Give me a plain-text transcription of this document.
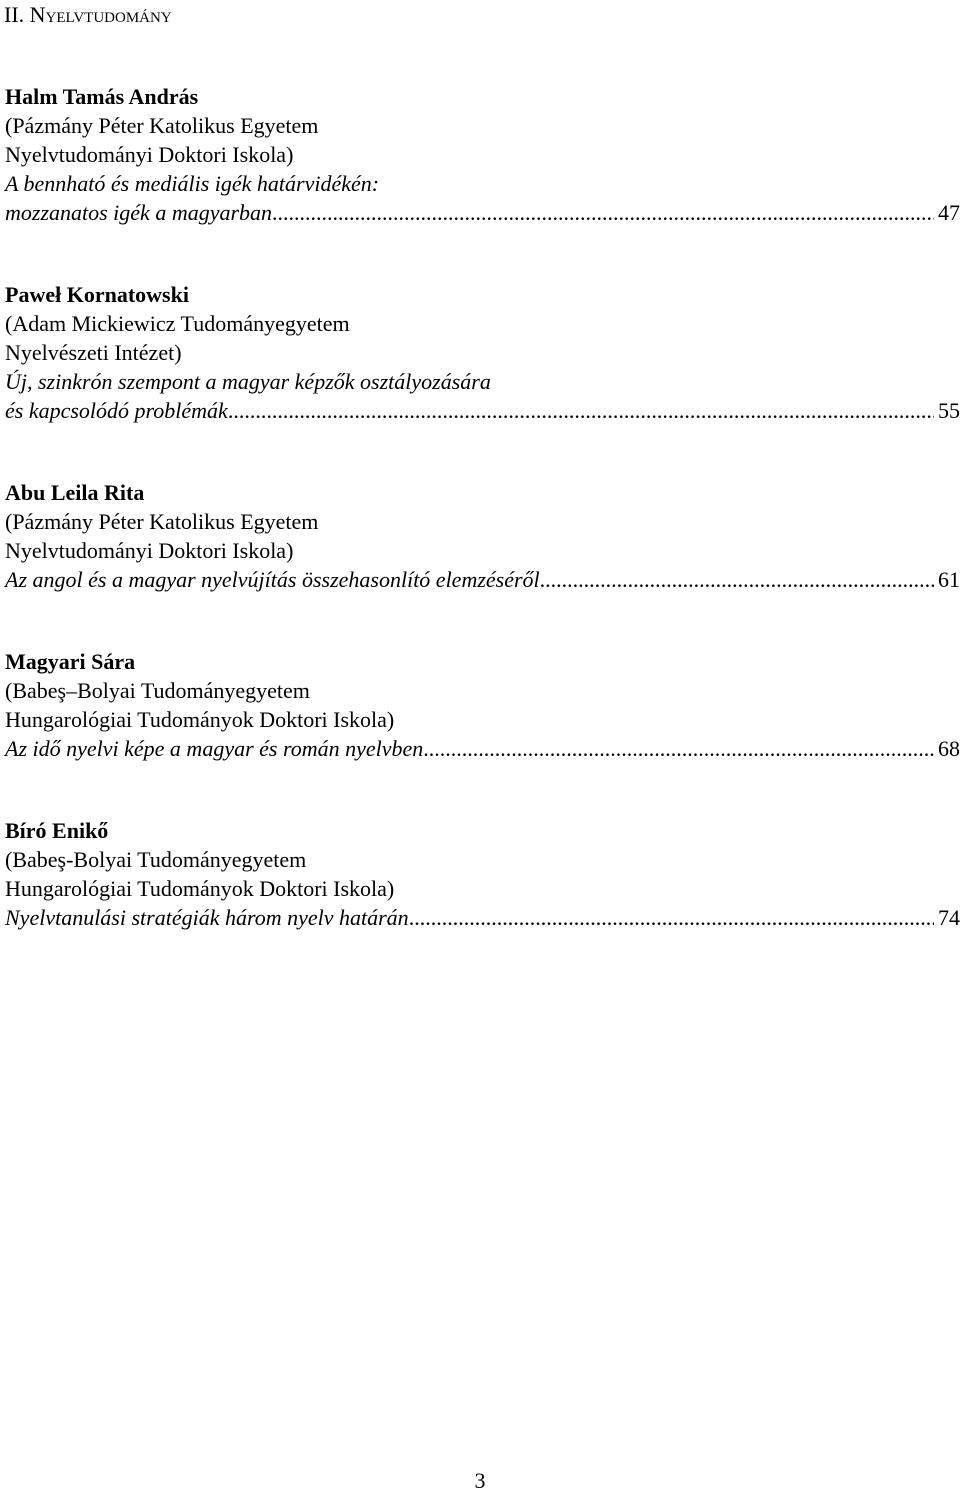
II. Nyelvtudomány
Halm Tamás András
(Pázmány Péter Katolikus Egyetem
Nyelvtudományi Doktori Iskola)
A bennható és mediális igék határvidékén:
mozzanatos igék a magyarban .....	47
Paweł Kornatowski
(Adam Mickiewicz Tudományegyetem
Nyelvészeti Intézet)
Új, szinkrón szempont a magyar képzők osztályozására
és kapcsolódó problémák .....	55
Abu Leila Rita
(Pázmány Péter Katolikus Egyetem
Nyelvtudományi Doktori Iskola)
Az angol és a magyar nyelvújítás összehasonlító elemzéséről .....	61
Magyari Sára
(Babeş–Bolyai Tudományegyetem
Hungarológiai Tudományok Doktori Iskola)
Az idő nyelvi képe a magyar és román nyelvben .....	68
Bíró Enikő
(Babeş-Bolyai Tudományegyetem
Hungarológiai Tudományok Doktori Iskola)
Nyelvtanulási stratégiák három nyelv határán .....	74
3
